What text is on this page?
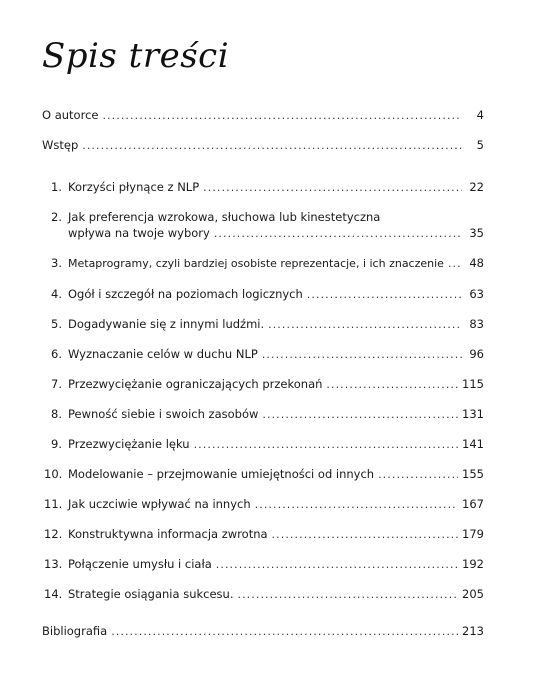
Spis treści
O autorce . . .	4
Wstęp . . .	5
1. Korzyści płynące z NLP . . .	22
2. Jak preferencja wzrokowa, słuchowa lub kinestetyczna
wpływa na twoje wybory . . .	35
3. Metaprogramy, czyli bardziej osobiste reprezentacje, i ich znaczenie . . . 48
4. Ogół i szczegół na poziomach logicznych . . .	63
5. Dogadywanie się z innymi ludźmi. . . .	83
6. Wyznaczanie celów w duchu NLP . . .	96
7. Przezwyciężanie ograniczających przekonań . . .	115
8. Pewność siebie i swoich zasobów . . .	131
9. Przezwyciężanie lęku . . .	141
10. Modelowanie – przejmowanie umiejętności od innych . . .	155
11. Jak uczciwie wpływać na innych . . .	167
12. Konstruktywna informacja zwrotna . . .	179
13. Połączenie umysłu i ciała . . .	192
14. Strategie osiągania sukcesu. . . .	205
Bibliografia . . .	213
